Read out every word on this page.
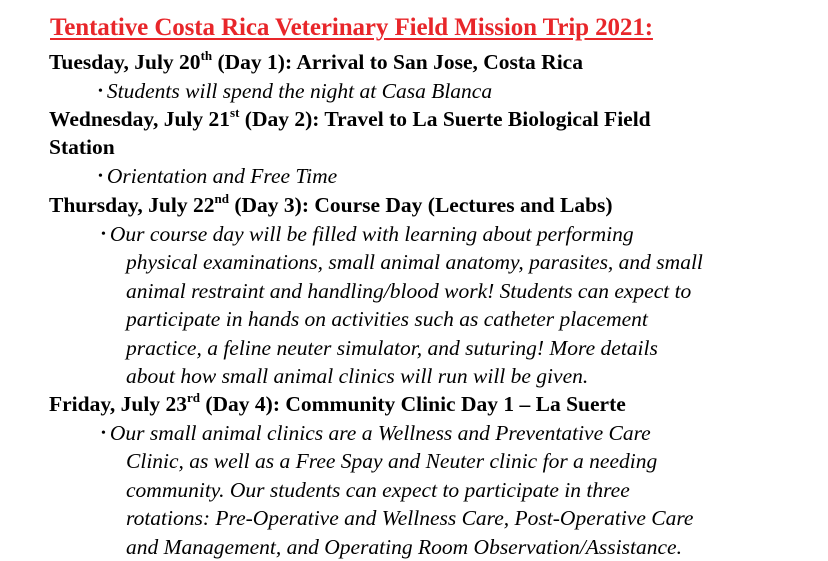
Tentative Costa Rica Veterinary Field Mission Trip 2021:
Tuesday, July 20th (Day 1): Arrival to San Jose, Costa Rica
• Students will spend the night at Casa Blanca
Wednesday, July 21st (Day 2): Travel to La Suerte Biological Field
Station
• Orientation and Free Time
Thursday, July 22nd (Day 3): Course Day (Lectures and Labs)
• Our course day will be filled with learning about performing
physical examinations, small animal anatomy, parasites, and small
animal restraint and handling/blood work! Students can expect to
participate in hands on activities such as catheter placement
practice, a feline neuter simulator, and suturing! More details
about how small animal clinics will run will be given.
Friday, July 23rd (Day 4): Community Clinic Day 1 – La Suerte
• Our small animal clinics are a Wellness and Preventative Care
Clinic, as well as a Free Spay and Neuter clinic for a needing
community. Our students can expect to participate in three
rotations: Pre-Operative and Wellness Care, Post-Operative Care
and Management, and Operating Room Observation/Assistance.
